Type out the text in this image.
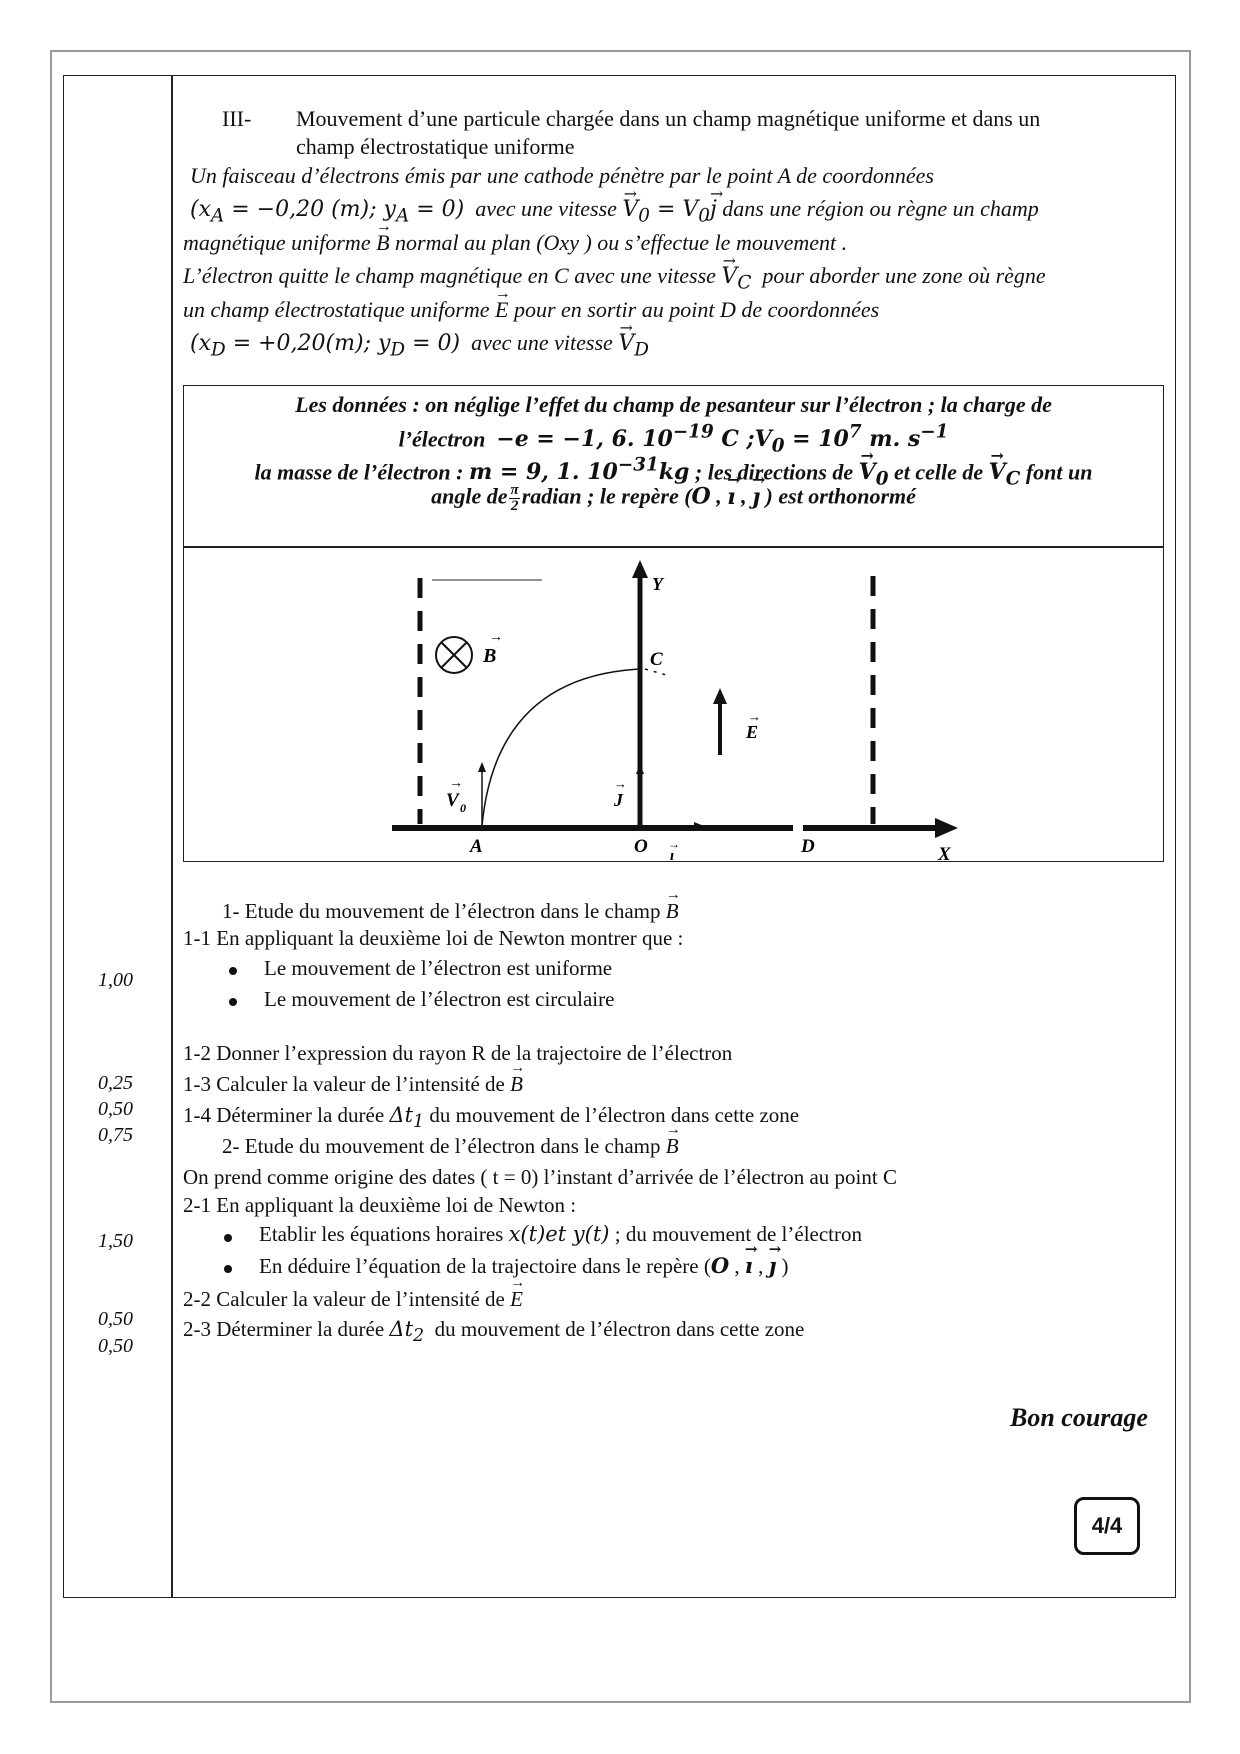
III- Mouvement d’une particule chargée dans un champ magnétique uniforme et dans un
champ électrostatique uniforme
Un faisceau d’électrons émis par une cathode pénètre par le point A de coordonnées
($x_A = -0,20$ (m); $y_A = 0$) avec une vitesse → $V_0 = V_0\to j$ dans une région ou règne un champ
magnétique uniforme → B normal au plan (Oxy ) ou s’effectue le mouvement .
L’électron quitte le champ magnétique en C avec une vitesse → $V_C$ pour aborder une zone où règne
un champ électrostatique uniforme → E pour en sortir au point D de coordonnées
($x_D = +0,20(m)$; $y_D = 0$) avec une vitesse → $V_D$
Les données : on néglige l’effet du champ de pesanteur sur l’électron ; la charge de
l’électron −e = −1, 6. $10^{-19}$ C $;V_0 = 10^7$ m. $s^{-1}$
la masse de l’électron : m = 9, 1. $10^{-31}kg$ ; les directions de → $V_0$ et celle de → $V_C$ font un
angle de $\frac{\pi}{2}$ radian ; le repère (O , → ı , → ȷ ) est orthonormé
Y
X
A	O
C
D
B
→
E
→
V 0
→
J
→
ı
→
1- Etude du mouvement de l’électron dans le champ → B
1-1 En appliquant la deuxième loi de Newton montrer que :
Le mouvement de l’électron est uniforme
Le mouvement de l’électron est circulaire
1-2 Donner l’expression du rayon R de la trajectoire de l’électron
1-3 Calculer la valeur de l’intensité de → B
1-4 Déterminer la durée $\Delta t_1$ du mouvement de l’électron dans cette zone
2- Etude du mouvement de l’électron dans le champ → B
On prend comme origine des dates ( t = 0) l’instant d’arrivée de l’électron au point C
2-1 En appliquant la deuxième loi de Newton :
Etablir les équations horaires x(t)et y(t) ; du mouvement de l’électron
En déduire l’équation de la trajectoire dans le repère (O , → ı , → ȷ )
2-2 Calculer la valeur de l’intensité de → E
2-3 Déterminer la durée $\Delta t_2$ du mouvement de l’électron dans cette zone
1,00
0,25
0,50
0,75
1,50
0,50
0,50
Bon courage
4/4
